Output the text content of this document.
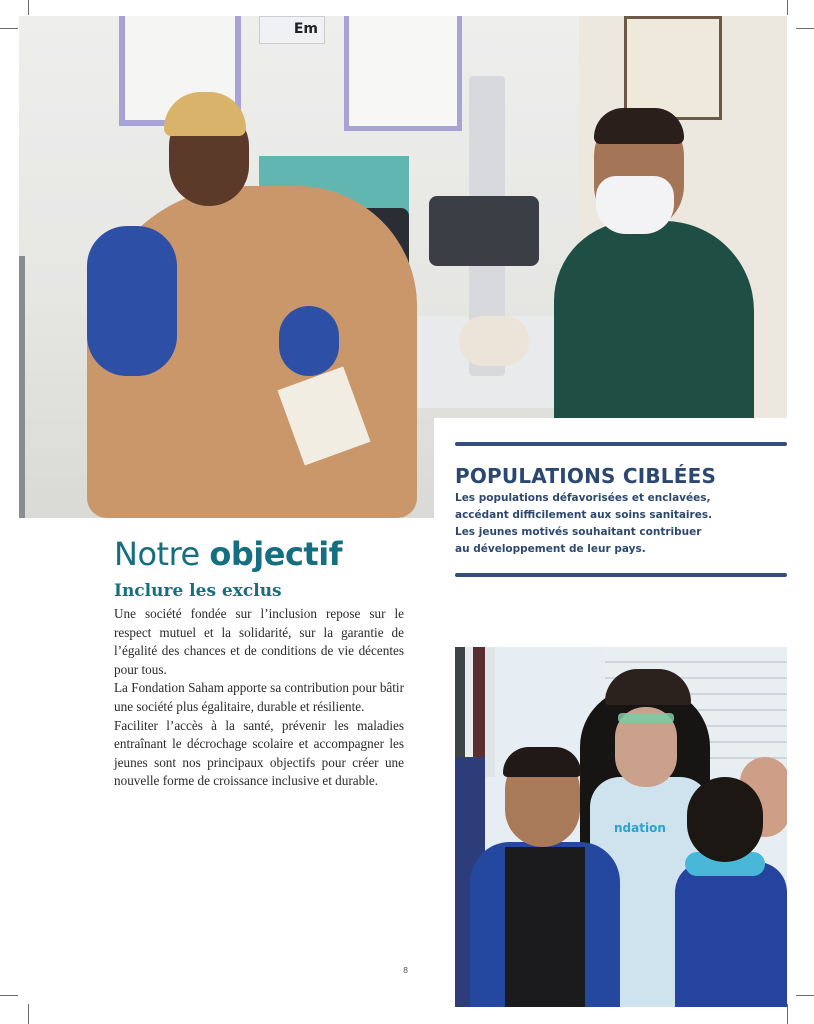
Em
POPULATIONS CIBLÉES
Les populations défavorisées et enclavées,
accédant difficilement aux soins sanitaires.
Les jeunes motivés souhaitant contribuer
au développement de leur pays.
Notre objectif
Inclure les exclus

Une société fondée sur l’inclusion repose sur le respect mutuel et la solidarité, sur la garantie de l’égalité des chances et de conditions de vie décentes pour tous.

La Fondation Saham apporte sa contribution pour bâtir une société plus égalitaire, durable et résiliente.

Faciliter l’accès à la santé, prévenir les maladies entraînant le décrochage scolaire et accompagner les jeunes sont nos principaux objectifs pour créer une nouvelle forme de croissance inclusive et durable.

ndation
8
